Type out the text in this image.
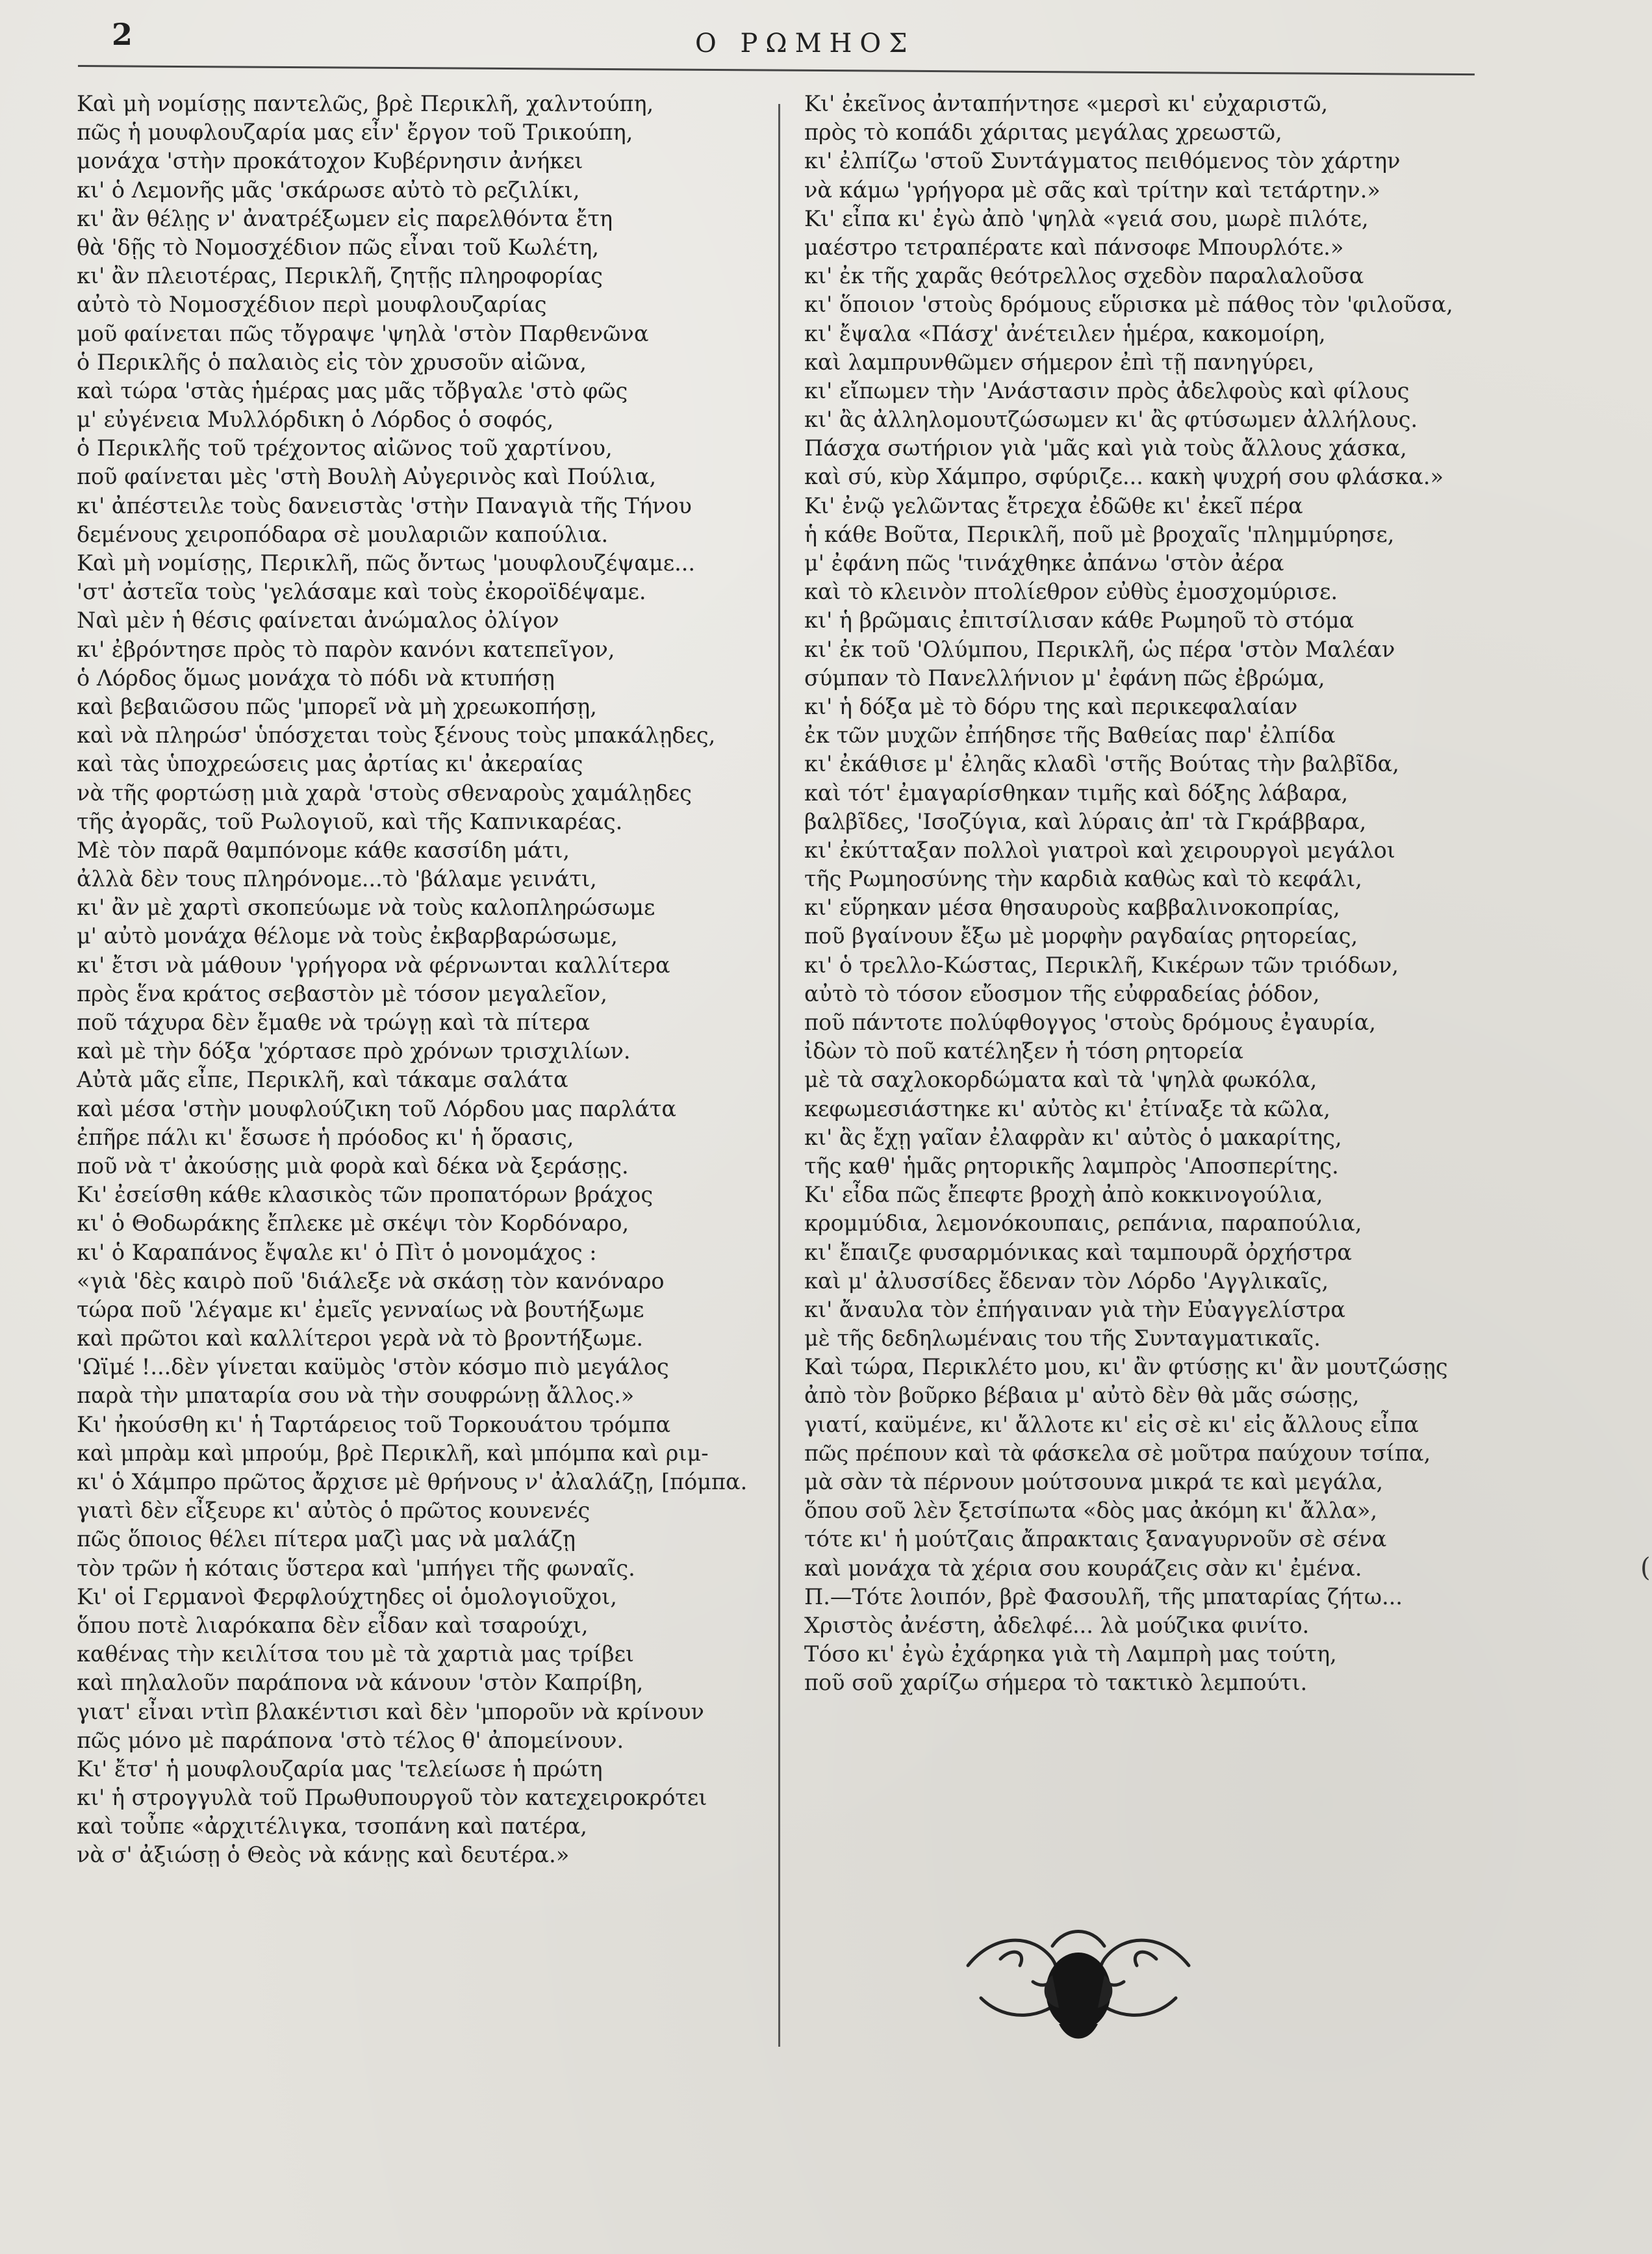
2	Ο ΡΩΜΗΟΣ
Καὶ μὴ νομίσῃς παντελῶς, βρὲ Περικλῆ, χαλντούπη,
πῶς ἡ μουφλουζαρία μας εἶν' ἔργον τοῦ Τρικούπη,
μονάχα 'στὴν προκάτοχον Κυβέρνησιν ἀνήκει
κι' ὁ Λεμονῆς μᾶς 'σκάρωσε αὐτὸ τὸ ρεζιλίκι,
κι' ἂν θέλῃς ν' ἀνατρέξωμεν εἰς παρελθόντα ἔτη
θὰ 'δῇς τὸ Νομοσχέδιον πῶς εἶναι τοῦ Κωλέτη,
κι' ἂν πλειοτέρας, Περικλῆ, ζητῇς πληροφορίας
αὐτὸ τὸ Νομοσχέδιον περὶ μουφλουζαρίας
μοῦ φαίνεται πῶς τὄγραψε 'ψηλὰ 'στὸν Παρθενῶνα
ὁ Περικλῆς ὁ παλαιὸς εἰς τὸν χρυσοῦν αἰῶνα,
καὶ τώρα 'στὰς ἡμέρας μας μᾶς τὄβγαλε 'στὸ φῶς
μ' εὐγένεια Μυλλόρδικη ὁ Λόρδος ὁ σοφός,
ὁ Περικλῆς τοῦ τρέχοντος αἰῶνος τοῦ χαρτίνου,
ποῦ φαίνεται μὲς 'στὴ Βουλὴ Αὐγερινὸς καὶ Πούλια,
κι' ἀπέστειλε τοὺς δανειστὰς 'στὴν Παναγιὰ τῆς Τήνου
δεμένους χειροπόδαρα σὲ μουλαριῶν καπούλια.
Καὶ μὴ νομίσῃς, Περικλῆ, πῶς ὄντως 'μουφλουζέψαμε...
'στ' ἀστεῖα τοὺς 'γελάσαμε καὶ τοὺς ἐκοροϊδέψαμε.
Ναὶ μὲν ἡ θέσις φαίνεται ἀνώμαλος ὀλίγον
κι' ἐβρόντησε πρὸς τὸ παρὸν κανόνι κατεπεῖγον,
ὁ Λόρδος ὅμως μονάχα τὸ πόδι νὰ κτυπήσῃ
καὶ βεβαιῶσου πῶς 'μπορεῖ νὰ μὴ χρεωκοπήσῃ,
καὶ νὰ πληρώσ' ὑπόσχεται τοὺς ξένους τοὺς μπακάλῃδες,
καὶ τὰς ὑποχρεώσεις μας ἀρτίας κι' ἀκεραίας
νὰ τῆς φορτώσῃ μιὰ χαρὰ 'στοὺς σθεναροὺς χαμάλῃδες
τῆς ἀγορᾶς, τοῦ Ρωλογιοῦ, καὶ τῆς Καπνικαρέας.
Μὲ τὸν παρᾶ θαμπόνομε κάθε κασσίδη μάτι,
ἀλλὰ δὲν τους πληρόνομε...τὸ 'βάλαμε γεινάτι,
κι' ἂν μὲ χαρτὶ σκοπεύωμε νὰ τοὺς καλοπληρώσωμε
μ' αὐτὸ μονάχα θέλομε νὰ τοὺς ἐκβαρβαρώσωμε,
κι' ἔτσι νὰ μάθουν 'γρήγορα νὰ φέρνωνται καλλίτερα
πρὸς ἕνα κράτος σεβαστὸν μὲ τόσον μεγαλεῖον,
ποῦ τάχυρα δὲν ἔμαθε νὰ τρώγῃ καὶ τὰ πίτερα
καὶ μὲ τὴν δόξα 'χόρτασε πρὸ χρόνων τρισχιλίων.
Αὐτὰ μᾶς εἶπε, Περικλῆ, καὶ τάκαμε σαλάτα
καὶ μέσα 'στὴν μουφλούζικη τοῦ Λόρδου μας παρλάτα
ἐπῆρε πάλι κι' ἔσωσε ἡ πρόοδος κι' ἡ ὅρασις,
ποῦ νὰ τ' ἀκούσῃς μιὰ φορὰ καὶ δέκα νὰ ξεράσῃς.
Κι' ἐσείσθη κάθε κλασικὸς τῶν προπατόρων βράχος
κι' ὁ Θοδωράκης ἔπλεκε μὲ σκέψι τὸν Κορδόναρο,
κι' ὁ Καραπάνος ἔψαλε κι' ὁ Πὶτ ὁ μονομάχος :
«γιὰ 'δὲς καιρὸ ποῦ 'διάλεξε νὰ σκάσῃ τὸν κανόναρο
τώρα ποῦ 'λέγαμε κι' ἐμεῖς γενναίως νὰ βουτήξωμε
καὶ πρῶτοι καὶ καλλίτεροι γερὰ νὰ τὸ βροντήξωμε.
'Ωϊμέ !...δὲν γίνεται καϋμὸς 'στὸν κόσμο πιὸ μεγάλος
παρὰ τὴν μπαταρία σου νὰ τὴν σουφρώνῃ ἄλλος.»
Κι' ἠκούσθη κι' ἡ Ταρτάρειος τοῦ Τορκουάτου τρόμπα
καὶ μπρὰμ καὶ μπρούμ, βρὲ Περικλῆ, καὶ μπόμπα καὶ ριμ-
κι' ὁ Χάμπρο πρῶτος ἄρχισε μὲ θρήνους ν' ἀλαλάζῃ, [πόμπα.
γιατὶ δὲν εἶξευρε κι' αὐτὸς ὁ πρῶτος κουνενές
πῶς ὅποιος θέλει πίτερα μαζὶ μας νὰ μαλάζῃ
τὸν τρῶν ἡ κόταις ὕστερα καὶ 'μπήγει τῆς φωναῖς.
Κι' οἱ Γερμανοὶ Φερφλούχτηδες οἱ ὁμολογιοῦχοι,
ὅπου ποτὲ λιαρόκαπα δὲν εἶδαν καὶ τσαρούχι,
καθένας τὴν κειλίτσα του μὲ τὰ χαρτιὰ μας τρίβει
καὶ πηλαλοῦν παράπονα νὰ κάνουν 'στὸν Καπρίβη,
γιατ' εἶναι ντὶπ βλακέντισι καὶ δὲν 'μποροῦν νὰ κρίνουν
πῶς μόνο μὲ παράπονα 'στὸ τέλος θ' ἀπομείνουν.
Κι' ἔτσ' ἡ μουφλουζαρία μας 'τελείωσε ἡ πρώτη
κι' ἡ στρογγυλὰ τοῦ Πρωθυπουργοῦ τὸν κατεχειροκρότει
καὶ τοὖπε «ἀρχιτέλιγκα, τσοπάνη καὶ πατέρα,
νὰ σ' ἀξιώσῃ ὁ Θεὸς νὰ κάνῃς καὶ δευτέρα.»
Κι' ἐκεῖνος ἀνταπήντησε «μερσὶ κι' εὐχαριστῶ,
πρὸς τὸ κοπάδι χάριτας μεγάλας χρεωστῶ,
κι' ἐλπίζω 'στοῦ Συντάγματος πειθόμενος τὸν χάρτην
νὰ κάμω 'γρήγορα μὲ σᾶς καὶ τρίτην καὶ τετάρτην.»
Κι' εἶπα κι' ἐγὼ ἀπὸ 'ψηλὰ «γειά σου, μωρὲ πιλότε,
μαέστρο τετραπέρατε καὶ πάνσοφε Μπουρλότε.»
κι' ἐκ τῆς χαρᾶς θεότρελλος σχεδὸν παραλαλοῦσα
κι' ὅποιον 'στοὺς δρόμους εὕρισκα μὲ πάθος τὸν 'φιλοῦσα,
κι' ἔψαλα «Πάσχ' ἀνέτειλεν ἡμέρα, κακομοίρη,
καὶ λαμπρυνθῶμεν σήμερον ἐπὶ τῇ πανηγύρει,
κι' εἴπωμεν τὴν 'Ανάστασιν πρὸς ἀδελφοὺς καὶ φίλους
κι' ἂς ἀλληλομουτζώσωμεν κι' ἂς φτύσωμεν ἀλλήλους.
Πάσχα σωτήριον γιὰ 'μᾶς καὶ γιὰ τοὺς ἄλλους χάσκα,
καὶ σύ, κὺρ Χάμπρο, σφύριζε... κακὴ ψυχρή σου φλάσκα.»
Κι' ἐνῷ γελῶντας ἔτρεχα ἐδῶθε κι' ἐκεῖ πέρα
ἡ κάθε Βοῦτα, Περικλῆ, ποῦ μὲ βροχαῖς 'πλημμύρησε,
μ' ἐφάνη πῶς 'τινάχθηκε ἀπάνω 'στὸν ἀέρα
καὶ τὸ κλεινὸν πτολίεθρον εὐθὺς ἐμοσχομύρισε.
κι' ἡ βρῶμαις ἐπιτσίλισαν κάθε Ρωμηοῦ τὸ στόμα
κι' ἐκ τοῦ 'Ολύμπου, Περικλῆ, ὡς πέρα 'στὸν Μαλέαν
σύμπαν τὸ Πανελλήνιον μ' ἐφάνη πῶς ἐβρώμα,
κι' ἡ δόξα μὲ τὸ δόρυ της καὶ περικεφαλαίαν
ἐκ τῶν μυχῶν ἐπήδησε τῆς Βαθείας παρ' ἐλπίδα
κι' ἐκάθισε μ' ἐληᾶς κλαδὶ 'στῆς Βούτας τὴν βαλβῖδα,
καὶ τότ' ἐμαγαρίσθηκαν τιμῆς καὶ δόξης λάβαρα,
βαλβῖδες, 'Ισοζύγια, καὶ λύραις ἀπ' τὰ Γκράββαρα,
κι' ἐκύτταξαν πολλοὶ γιατροὶ καὶ χειρουργοὶ μεγάλοι
τῆς Ρωμηοσύνης τὴν καρδιὰ καθὼς καὶ τὸ κεφάλι,
κι' εὕρηκαν μέσα θησαυροὺς καββαλινοκοπρίας,
ποῦ βγαίνουν ἔξω μὲ μορφὴν ραγδαίας ρητορείας,
κι' ὁ τρελλο-Κώστας, Περικλῆ, Κικέρων τῶν τριόδων,
αὐτὸ τὸ τόσον εὔοσμον τῆς εὐφραδείας ῥόδον,
ποῦ πάντοτε πολύφθογγος 'στοὺς δρόμους ἐγαυρία,
ἰδὼν τὸ ποῦ κατέληξεν ἡ τόση ρητορεία
μὲ τὰ σαχλοκορδώματα καὶ τὰ 'ψηλὰ φωκόλα,
κεφωμεσιάστηκε κι' αὐτὸς κι' ἐτίναξε τὰ κῶλα,
κι' ἂς ἔχῃ γαῖαν ἐλαφρὰν κι' αὐτὸς ὁ μακαρίτης,
τῆς καθ' ἡμᾶς ρητορικῆς λαμπρὸς 'Αποσπερίτης.
Κι' εἶδα πῶς ἔπεφτε βροχὴ ἀπὸ κοκκινογούλια,
κρομμύδια, λεμονόκουπαις, ρεπάνια, παραπούλια,
κι' ἔπαιζε φυσαρμόνικας καὶ ταμπουρᾶ ὀρχήστρα
καὶ μ' ἀλυσσίδες ἔδεναν τὸν Λόρδο 'Αγγλικαῖς,
κι' ἄναυλα τὸν ἐπήγαιναν γιὰ τὴν Εὐαγγελίστρα
μὲ τῆς δεδηλωμέναις του τῆς Συνταγματικαῖς.
Καὶ τώρα, Περικλέτο μου, κι' ἂν φτύσῃς κι' ἂν μουτζώσῃς
ἀπὸ τὸν βοῦρκο βέβαια μ' αὐτὸ δὲν θὰ μᾶς σώσῃς,
γιατί, καϋμένε, κι' ἄλλοτε κι' εἰς σὲ κι' εἰς ἄλλους εἶπα
πῶς πρέπουν καὶ τὰ φάσκελα σὲ μοῦτρα παύχουν τσίπα,
μὰ σὰν τὰ πέρνουν μούτσουνα μικρά τε καὶ μεγάλα,
ὅπου σοῦ λὲν ξετσίπωτα «δὸς μας ἀκόμη κι' ἄλλα»,
τότε κι' ἡ μούτζαις ἄπρακταις ξαναγυρνοῦν σὲ σένα
καὶ μονάχα τὰ χέρια σου κουράζεις σὰν κι' ἐμένα.
Π.—Τότε λοιπόν, βρὲ Φασουλῆ, τῆς μπαταρίας ζήτω...
Χριστὸς ἀνέστη, ἀδελφέ... λὰ μούζικα φινίτο.
Τόσο κι' ἐγὼ ἐχάρηκα γιὰ τὴ Λαμπρὴ μας τούτη,
ποῦ σοῦ χαρίζω σήμερα τὸ τακτικὸ λεμπούτι.
(
